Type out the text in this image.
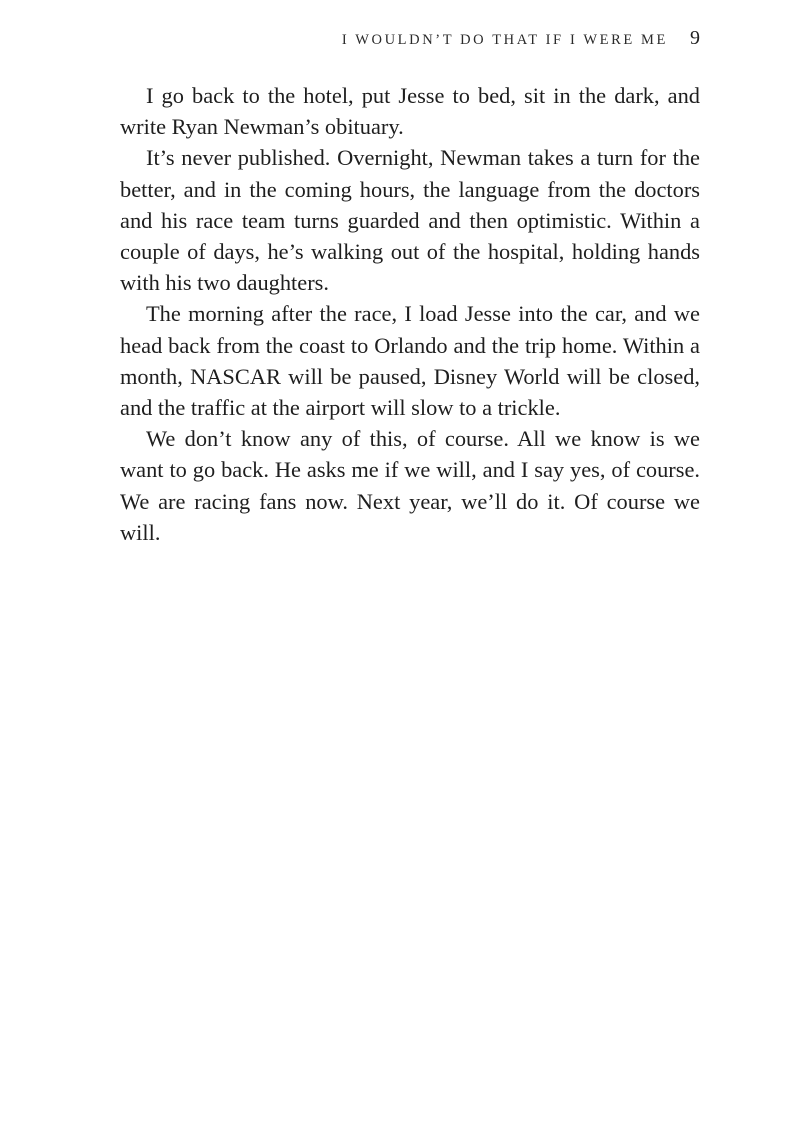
I WOULDN’T DO THAT IF I WERE ME 9

I go back to the hotel, put Jesse to bed, sit in the dark, and write Ryan Newman’s obituary.

It’s never published. Overnight, Newman takes a turn for the better, and in the coming hours, the language from the doctors and his race team turns guarded and then optimistic. Within a couple of days, he’s walking out of the hospital, holding hands with his two daughters.

The morning after the race, I load Jesse into the car, and we head back from the coast to Orlando and the trip home. Within a month, NASCAR will be paused, Disney World will be closed, and the traffic at the airport will slow to a trickle.

We don’t know any of this, of course. All we know is we want to go back. He asks me if we will, and I say yes, of course. We are racing fans now. Next year, we’ll do it. Of course we will.
